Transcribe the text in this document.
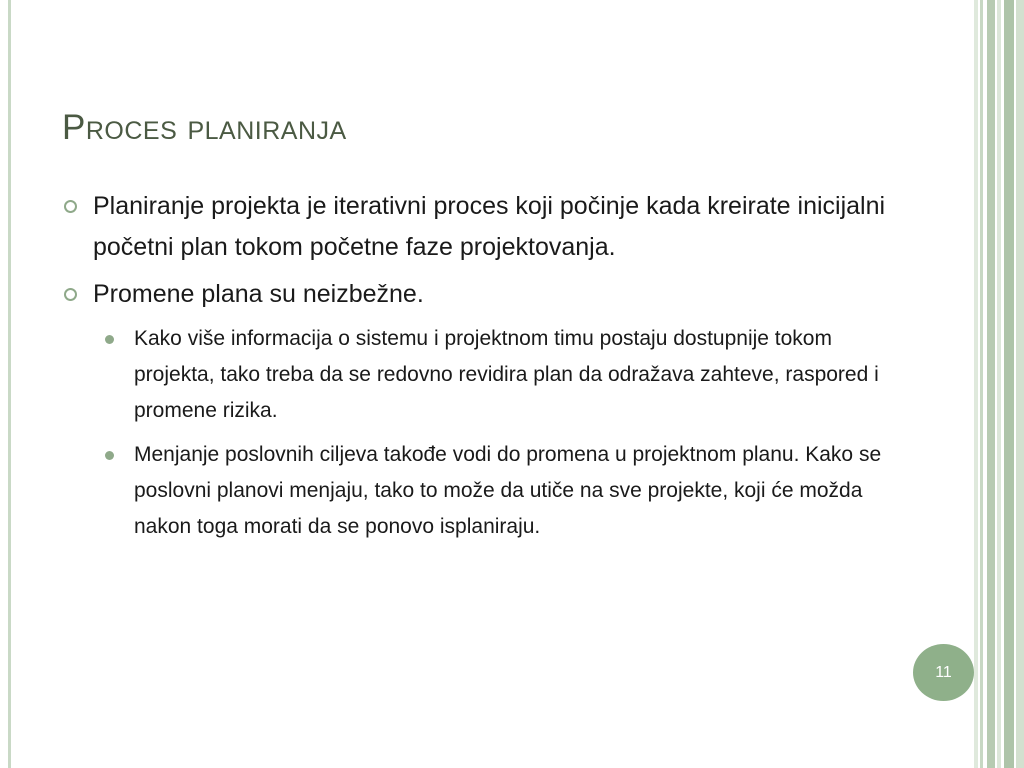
Proces planiranja
Planiranje projekta je iterativni proces koji počinje kada kreirate inicijalni početni plan tokom početne faze projektovanja.
Promene plana su neizbežne.
Kako više informacija o sistemu i projektnom timu postaju dostupnije tokom projekta, tako treba da se redovno revidira plan da odražava zahteve, raspored i promene rizika.
Menjanje poslovnih ciljeva takođe vodi do promena u projektnom planu. Kako se poslovni planovi menjaju, tako to može da utiče na sve projekte, koji će možda nakon toga morati da se ponovo isplaniraju.
11
